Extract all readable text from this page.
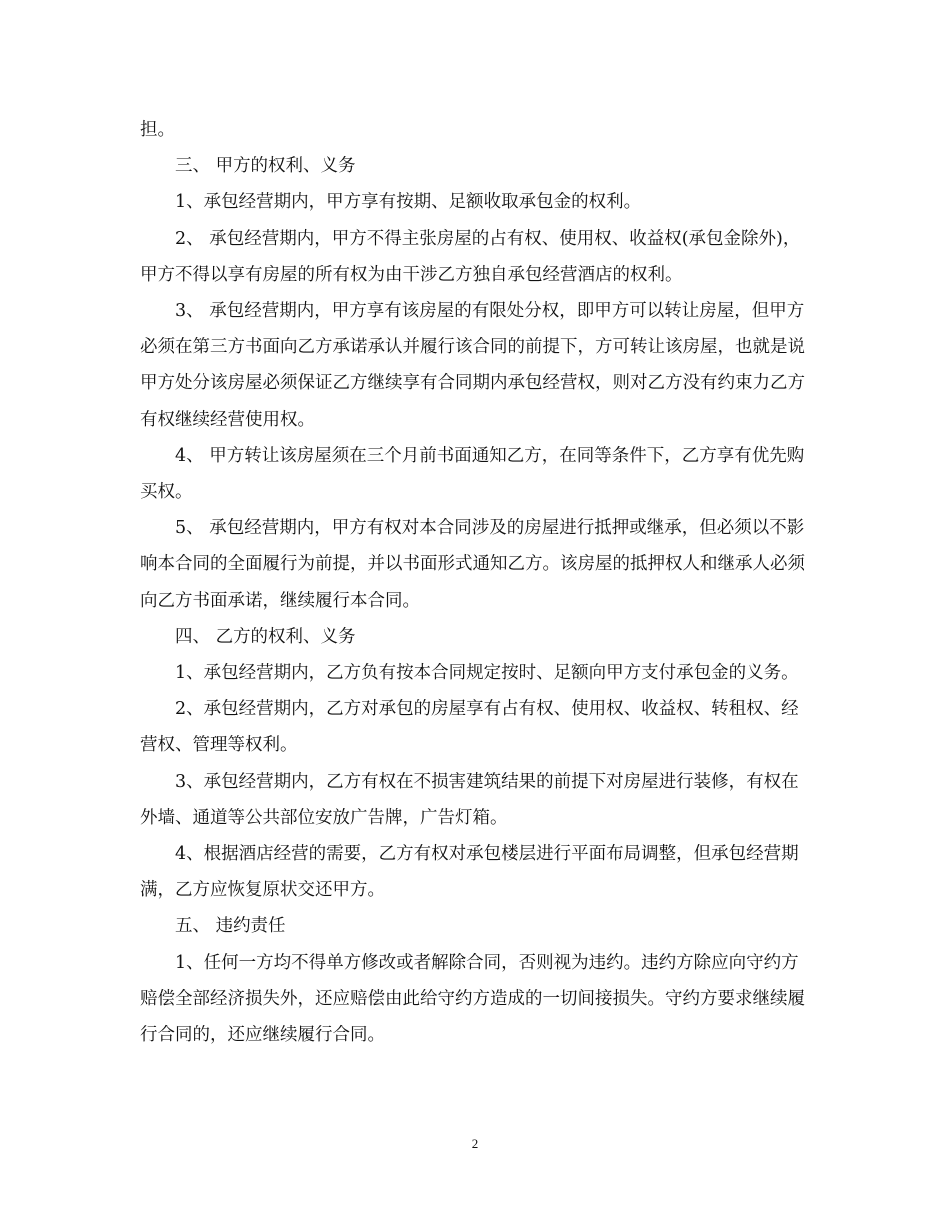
担。

三、 甲方的权利、义务

1、承包经营期内，甲方享有按期、足额收取承包金的权利。

2、 承包经营期内，甲方不得主张房屋的占有权、使用权、收益权(承包金除外)，甲方不得以享有房屋的所有权为由干涉乙方独自承包经营酒店的权利。

3、 承包经营期内，甲方享有该房屋的有限处分权，即甲方可以转让房屋，但甲方必须在第三方书面向乙方承诺承认并履行该合同的前提下，方可转让该房屋，也就是说甲方处分该房屋必须保证乙方继续享有合同期内承包经营权，则对乙方没有约束力乙方有权继续经营使用权。

4、 甲方转让该房屋须在三个月前书面通知乙方，在同等条件下，乙方享有优先购买权。

5、 承包经营期内，甲方有权对本合同涉及的房屋进行抵押或继承，但必须以不影响本合同的全面履行为前提，并以书面形式通知乙方。该房屋的抵押权人和继承人必须向乙方书面承诺，继续履行本合同。

四、 乙方的权利、义务

1、承包经营期内，乙方负有按本合同规定按时、足额向甲方支付承包金的义务。

2、承包经营期内，乙方对承包的房屋享有占有权、使用权、收益权、转租权、经营权、管理等权利。

3、承包经营期内，乙方有权在不损害建筑结果的前提下对房屋进行装修，有权在外墙、通道等公共部位安放广告牌，广告灯箱。

4、根据酒店经营的需要，乙方有权对承包楼层进行平面布局调整，但承包经营期满，乙方应恢复原状交还甲方。

五、 违约责任

1、任何一方均不得单方修改或者解除合同，否则视为违约。违约方除应向守约方赔偿全部经济损失外，还应赔偿由此给守约方造成的一切间接损失。守约方要求继续履行合同的，还应继续履行合同。

2
